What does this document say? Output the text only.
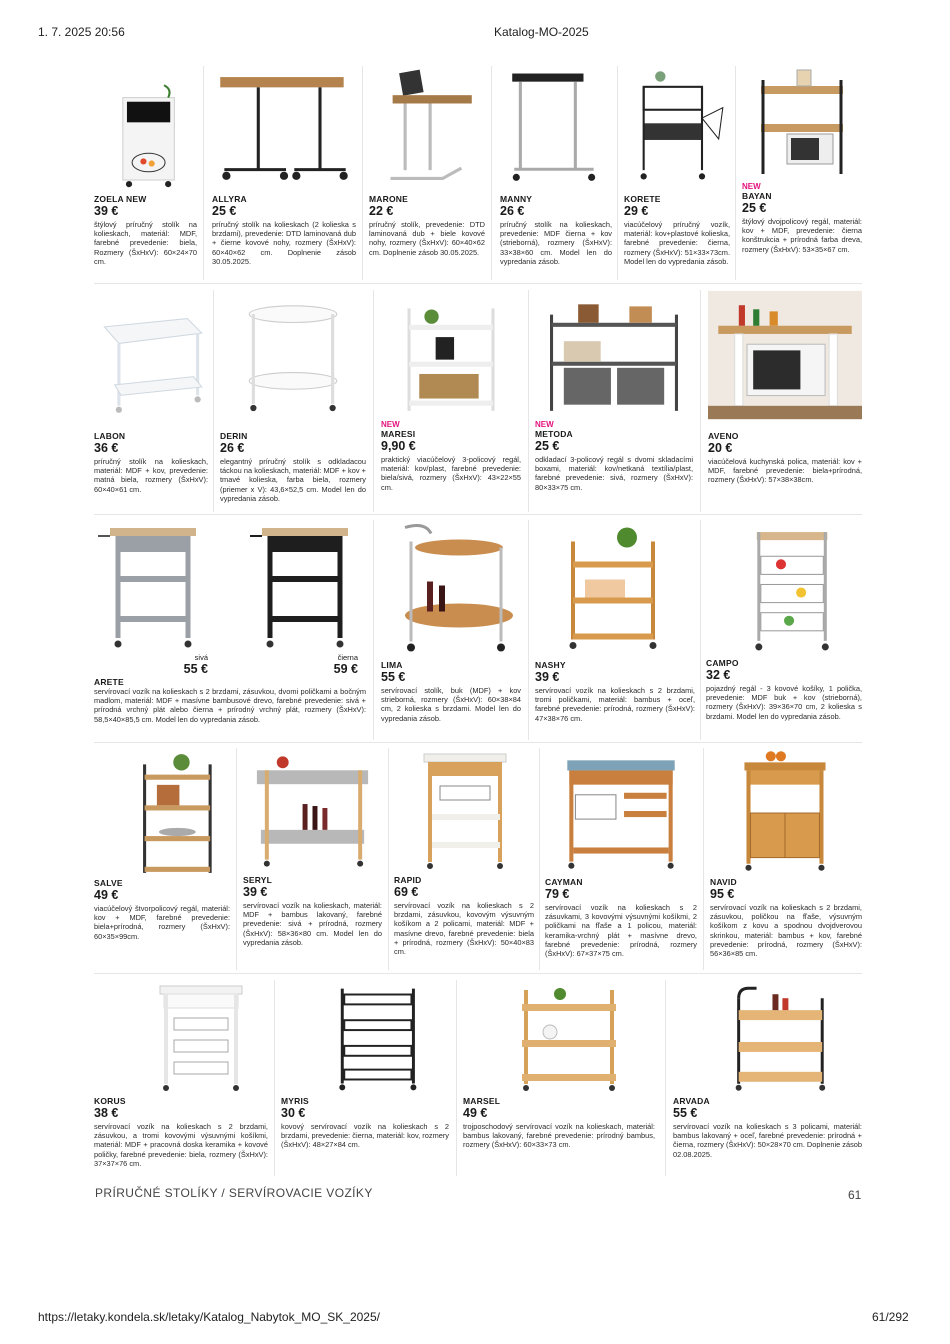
1. 7. 2025 20:56	Katalog-MO-2025
https://letaky.kondela.sk/letaky/Katalog_Nabytok_MO_SK_2025/	61/292
ZOELA NEW
39 €
štýlový príručný stolík na kolieskach, materiál: MDF, farebné prevedenie: biela, Rozmery (ŠxHxV): 60×24×70 cm.
ALLYRA
25 €
príručný stolík na kolieskach (2 kolieska s brzdami), prevedenie: DTD laminovaná dub + čierne kovové nohy, rozmery (ŠxHxV): 60×40×62 cm. Doplnenie zásob 30.05.2025.
MARONE
22 €
príručný stolík, prevedenie: DTD laminovaná dub + biele kovové nohy, rozmery (ŠxHxV): 60×40×62 cm. Doplnenie zásob 30.05.2025.
MANNY
26 €
príručný stolík na kolieskach, prevedenie: MDF čierna + kov (strieborná), rozmery (ŠxHxV): 33×38×60 cm. Model len do vypredania zásob.
KORETE
29 €
viacúčelový príručný vozík, materiál: kov+plastové kolieska, farebné prevedenie: čierna, rozmery (ŠxHxV): 51×33×73cm. Model len do vypredania zásob.
NEW
BAYAN
25 €
štýlový dvojpolicový regál, materiál: kov + MDF, prevedenie: čierna konštrukcia + prírodná farba dreva, rozmery (ŠxHxV): 53×35×67 cm.
LABON
36 €
príručný stolík na kolieskach, materiál: MDF + kov, prevedenie: matná biela, rozmery (ŠxHxV): 60×40×61 cm.
DERIN
26 €
elegantný príručný stolík s odkladacou táckou na kolieskach, materiál: MDF + kov + tmavé kolieska, farba biela, rozmery (priemer x V): 43,6×52,5 cm. Model len do vypredania zásob.
NEW
MARESI
9,90 €
praktický viacúčelový 3-policový regál, materiál: kov/plast, farebné prevedenie: biela/sivá, rozmery (ŠxHxV): 43×22×55 cm.
NEW
METODA
25 €
odkladací 3-policový regál s dvomi skladacími boxami, materiál: kov/netkaná textília/plast, farebné prevedenie: sivá, rozmery (ŠxHxV): 80×33×75 cm.
AVENO
20 €
viacúčelová kuchynská polica, materiál: kov + MDF, farebné prevedenie: biela+prírodná, rozmery (ŠxHxV): 57×38×38cm.
sivá
55 €
čierna
59 €
ARETE
servírovací vozík na kolieskach s 2 brzdami, zásuvkou, dvomi poličkami a bočným madlom, materiál: MDF + masívne bambusové drevo, farebné prevedenie: sivá + prírodná vrchný plát alebo čierna + prírodný vrchný plát, rozmery (ŠxHxV): 58,5×40×85,5 cm. Model len do vypredania zásob.
LIMA
55 €
servírovací stolík, buk (MDF) + kov strieborná, rozmery (ŠxHxV): 60×38×84 cm, 2 kolieska s brzdami. Model len do vypredania zásob.
NASHY
39 €
servírovací vozík na kolieskach s 2 brzdami, tromi poličkami, materiál: bambus + oceľ, farebné prevedenie: prírodná, rozmery (ŠxHxV): 47×38×76 cm.
CAMPO
32 €
pojazdný regál - 3 kovové košíky, 1 polička, prevedenie: MDF buk + kov (strieborná), rozmery (ŠxHxV): 39×36×70 cm, 2 kolieska s brzdami. Model len do vypredania zásob.
SALVE
49 €
viacúčelový štvorpolicový regál, materiál: kov + MDF, farebné prevedenie: biela+prírodná, rozmery (ŠxHxV): 60×35×99cm.
SERYL
39 €
servírovací vozík na kolieskach, materiál: MDF + bambus lakovaný, farebné prevedenie: sivá + prírodná, rozmery (ŠxHxV): 58×36×80 cm. Model len do vypredania zásob.
RAPID
69 €
servírovací vozík na kolieskach s 2 brzdami, zásuvkou, kovovým výsuvným košíkom a 2 policami, materiál: MDF + masívne drevo, farebné prevedenie: biela + prírodná, rozmery (ŠxHxV): 50×40×83 cm.
CAYMAN
79 €
servírovací vozík na kolieskach s 2 zásuvkami, 3 kovovými výsuvnými košíkmi, 2 poličkami na fľaše a 1 policou, materiál: keramika-vrchný plát + masívne drevo, farebné prevedenie: prírodná, rozmery (ŠxHxV): 67×37×75 cm.
NAVID
95 €
servírovací vozík na kolieskach s 2 brzdami, zásuvkou, poličkou na fľaše, výsuvným košíkom z kovu a spodnou dvojdverovou skrinkou, materiál: bambus + kov, farebné prevedenie: prírodná, rozmery (ŠxHxV): 56×36×85 cm.
KORUS
38 €
servírovací vozík na kolieskach s 2 brzdami, zásuvkou, a tromi kovovými výsuvnými košíkmi, materiál: MDF + pracovná doska keramika + kovové poličky, farebné prevedenie: biela, rozmery (ŠxHxV): 37×37×76 cm.
MYRIS
30 €
kovový servírovací vozík na kolieskach s 2 brzdami, prevedenie: čierna, materiál: kov, rozmery (ŠxHxV): 48×27×84 cm.
MARSEL
49 €
trojposchodový servírovací vozík na kolieskach, materiál: bambus lakovaný, farebné prevedenie: prírodný bambus, rozmery (ŠxHxV): 60×33×73 cm.
ARVADA
55 €
servírovací vozík na kolieskach s 3 policami, materiál: bambus lakovaný + oceľ, farebné prevedenie: prírodná + čierna, rozmery (ŠxHxV): 50×28×70 cm. Doplnenie zásob 02.08.2025.
PRÍRUČNÉ STOLÍKY / SERVÍROVACIE VOZÍKY	61
